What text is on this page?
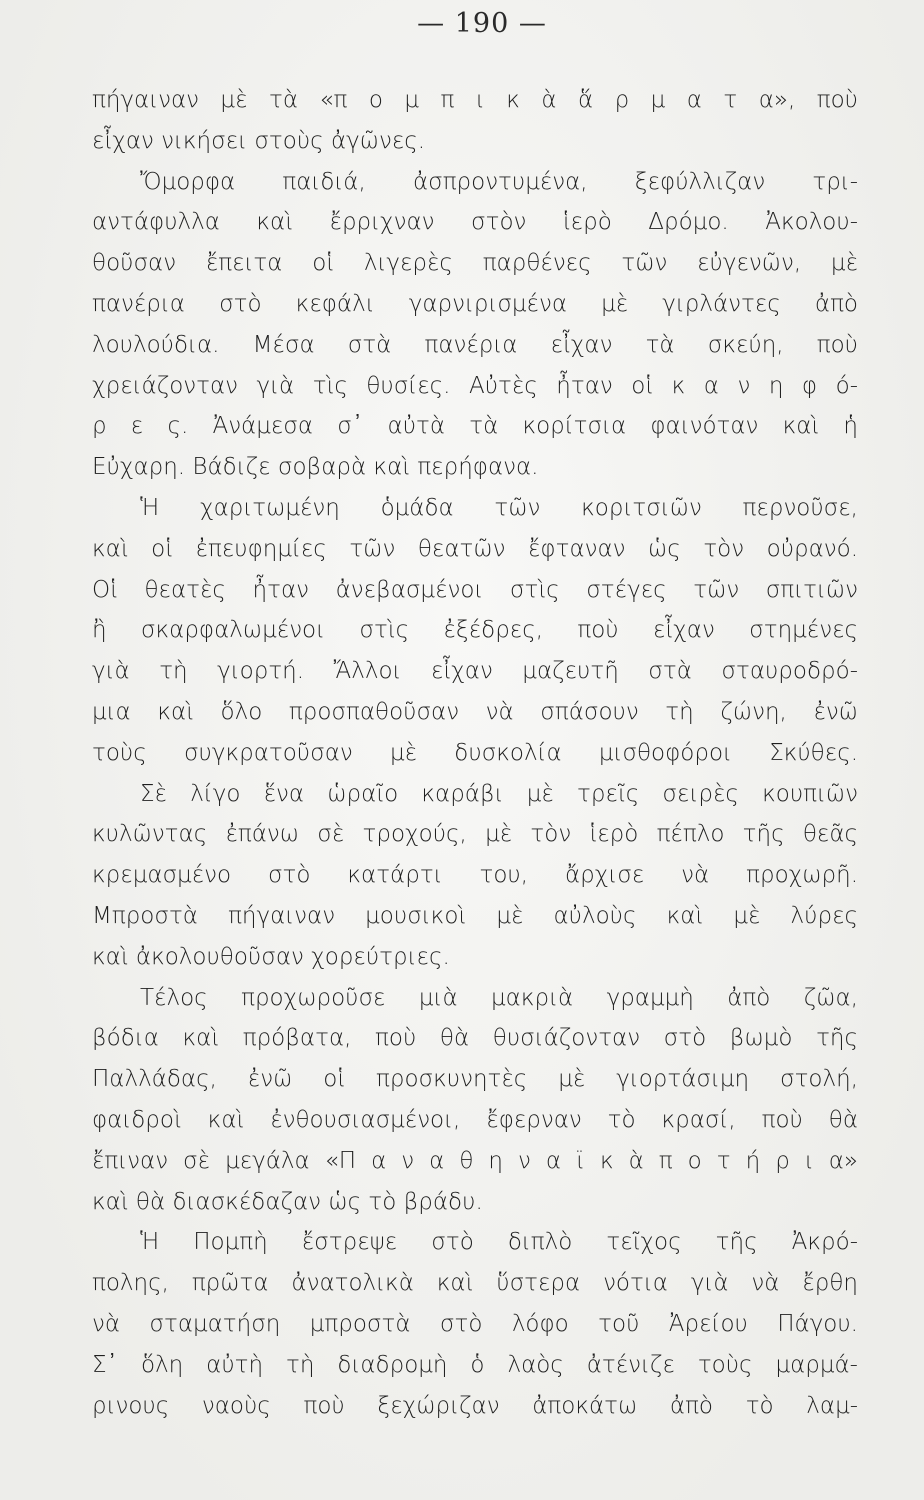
— 190 —
πήγαιναν μὲ τὰ «π ο μ π ι κ ὰ ἅ ρ μ α τ α», ποὺ
εἶχαν νικήσει στοὺς ἀγῶνες.
Ὄμορφα παιδιά, ἀσπροντυμένα, ξεφύλλιζαν τρι-
αντάφυλλα καὶ ἔρριχναν στὸν ἱερὸ Δρόμο. Ἀκολου-
θοῦσαν ἔπειτα οἱ λιγερὲς παρθένες τῶν εὐγενῶν, μὲ
πανέρια στὸ κεφάλι γαρνιρισμένα μὲ γιρλάντες ἀπὸ
λουλούδια. Μέσα στὰ πανέρια εἶχαν τὰ σκεύη, ποὺ
χρειάζονταν γιὰ τὶς θυσίες. Αὐτὲς ἦταν οἱ κ α ν η φ ό-
ρ ε ς. Ἀνάμεσα σ᾽ αὐτὰ τὰ κορίτσια φαινόταν καὶ ἡ
Εὐχαρη. Βάδιζε σοβαρὰ καὶ περήφανα.
Ἡ χαριτωμένη ὁμάδα τῶν κοριτσιῶν περνοῦσε,
καὶ οἱ ἐπευφημίες τῶν θεατῶν ἔφταναν ὡς τὸν οὐρανό.
Οἱ θεατὲς ἦταν ἀνεβασμένοι στὶς στέγες τῶν σπιτιῶν
ἢ σκαρφαλωμένοι στὶς ἐξέδρες, ποὺ εἶχαν στημένες
γιὰ τὴ γιορτή. Ἄλλοι εἶχαν μαζευτῆ στὰ σταυροδρό-
μια καὶ ὅλο προσπαθοῦσαν νὰ σπάσουν τὴ ζώνη, ἐνῶ
τοὺς συγκρατοῦσαν μὲ δυσκολία μισθοφόροι Σκύθες.
Σὲ λίγο ἕνα ὡραῖο καράβι μὲ τρεῖς σειρὲς κουπιῶν
κυλῶντας ἐπάνω σὲ τροχούς, μὲ τὸν ἱερὸ πέπλο τῆς θεᾶς
κρεμασμένο στὸ κατάρτι του, ἄρχισε νὰ προχωρῆ.
Μπροστὰ πήγαιναν μουσικοὶ μὲ αὐλοὺς καὶ μὲ λύρες
καὶ ἀκολουθοῦσαν χορεύτριες.
Τέλος προχωροῦσε μιὰ μακριὰ γραμμὴ ἀπὸ ζῶα,
βόδια καὶ πρόβατα, ποὺ θὰ θυσιάζονταν στὸ βωμὸ τῆς
Παλλάδας, ἐνῶ οἱ προσκυνητὲς μὲ γιορτάσιμη στολή,
φαιδροὶ καὶ ἐνθουσιασμένοι, ἔφερναν τὸ κρασί, ποὺ θὰ
ἔπιναν σὲ μεγάλα «Π α ν α θ η ν α ϊ κ ὰ π ο τ ή ρ ι α»
καὶ θὰ διασκέδαζαν ὡς τὸ βράδυ.
Ἡ Πομπὴ ἔστρεψε στὸ διπλὸ τεῖχος τῆς Ἀκρό-
πολης, πρῶτα ἀνατολικὰ καὶ ὕστερα νότια γιὰ νὰ ἔρθη
νὰ σταματήση μπροστὰ στὸ λόφο τοῦ Ἀρείου Πάγου.
Σ᾽ ὅλη αὐτὴ τὴ διαδρομὴ ὁ λαὸς ἀτένιζε τοὺς μαρμά-
ρινους ναοὺς ποὺ ξεχώριζαν ἀποκάτω ἀπὸ τὸ λαμ-
